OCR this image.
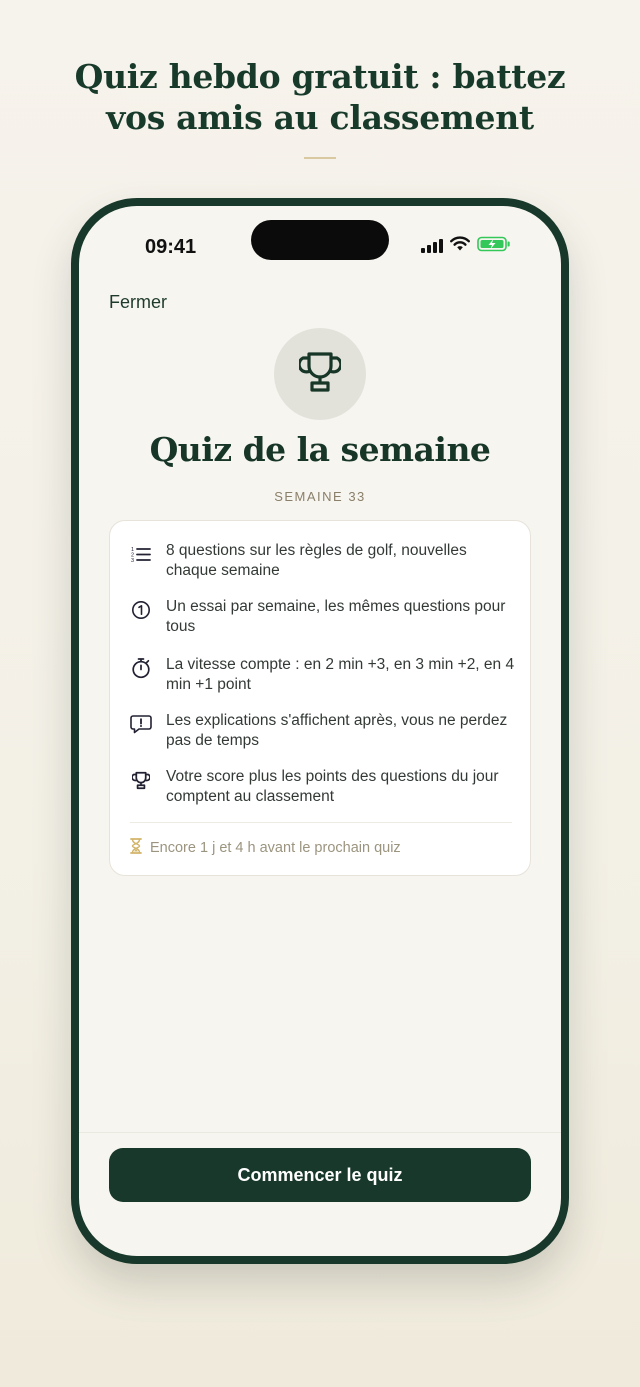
Quiz hebdo gratuit : battez
vos amis au classement
09:41
Fermer
Quiz de la semaine
SEMAINE 33
1
2
3
8 questions sur les règles de golf, nouvelles chaque semaine
Un essai par semaine, les mêmes questions pour tous
La vitesse compte : en 2 min +3, en 3 min +2, en 4 min +1 point
Les explications s'affichent après, vous ne perdez pas de temps
Votre score plus les points des questions du jour comptent au classement
Encore 1 j et 4 h avant le prochain quiz
Commencer le quiz
